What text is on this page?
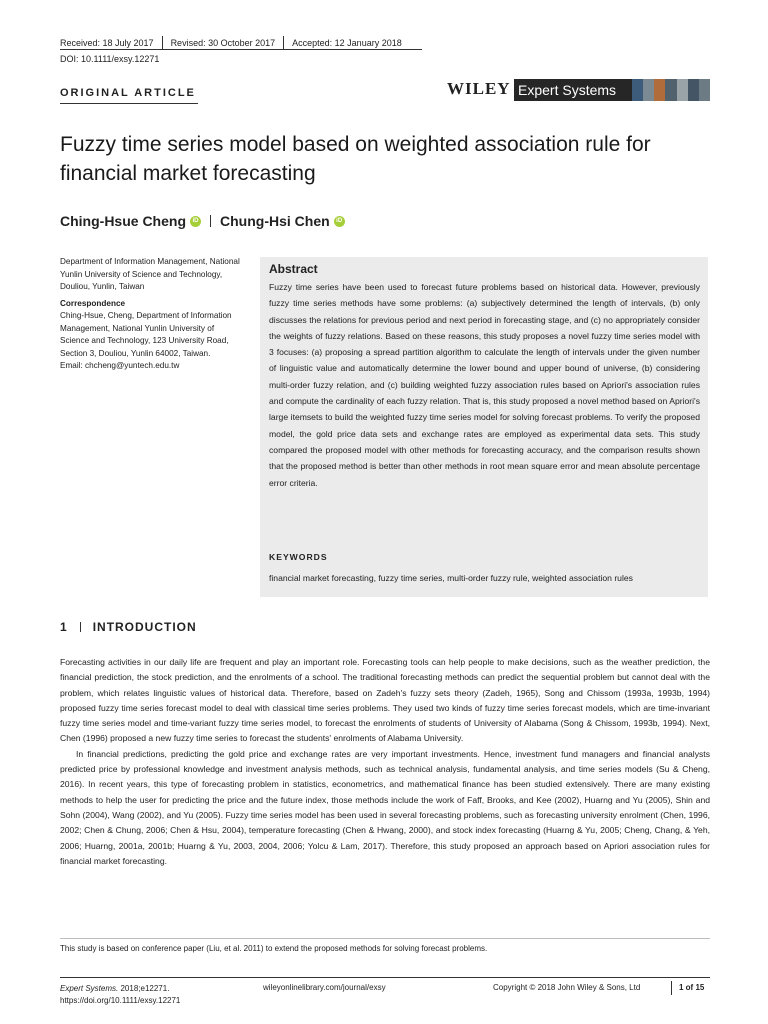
Received: 18 July 2017 Revised: 30 October 2017 Accepted: 12 January 2018
DOI: 10.1111/exsy.12271
ORIGINAL ARTICLE	WILEY Expert Systems
Fuzzy time series model based on weighted association rule for financial market forecasting
Ching-Hsue Cheng	iD Chung-Hsi Chen	iD
Department of Information Management, National Yunlin University of Science and Technology, Douliou, Yunlin, Taiwan
Correspondence
Ching-Hsue, Cheng, Department of Information Management, National Yunlin University of Science and Technology, 123 University Road, Section 3, Douliou, Yunlin 64002, Taiwan.
Email: chcheng@yuntech.edu.tw
Abstract
Fuzzy time series have been used to forecast future problems based on historical data. However, previously fuzzy time series methods have some problems: (a) subjectively determined the length of intervals, (b) only discusses the relations for previous period and next period in forecasting stage, and (c) no appropriately consider the weights of fuzzy relations. Based on these reasons, this study proposes a novel fuzzy time series model with 3 focuses: (a) proposing a spread partition algorithm to calculate the length of intervals under the given number of linguistic value and automatically determine the lower bound and upper bound of universe, (b) considering multi-order fuzzy relation, and (c) building weighted fuzzy association rules based on Apriori's association rules and compute the cardinality of each fuzzy relation. That is, this study proposed a novel method based on Apriori's large itemsets to build the weighted fuzzy time series model for solving forecast problems. To verify the proposed model, the gold price data sets and exchange rates are employed as experimental data sets. This study compared the proposed model with other methods for forecasting accuracy, and the comparison results shown that the proposed method is better than other methods in root mean square error and mean absolute percentage error criteria.
KEYWORDS
financial market forecasting, fuzzy time series, multi-order fuzzy rule, weighted association rules
1 INTRODUCTION

Forecasting activities in our daily life are frequent and play an important role. Forecasting tools can help people to make decisions, such as the weather prediction, the financial prediction, the stock prediction, and the enrolments of a school. The traditional forecasting methods can predict the sequential problem but cannot deal with the problem, which relates linguistic values of historical data. Therefore, based on Zadeh's fuzzy sets theory (Zadeh, 1965), Song and Chissom (1993a, 1993b, 1994) proposed fuzzy time series forecast model to deal with classical time series problems. They used two kinds of fuzzy time series forecast models, which are time-invariant fuzzy time series model and time-variant fuzzy time series model, to forecast the enrolments of students of University of Alabama (Song & Chissom, 1993b, 1994). Next, Chen (1996) proposed a new fuzzy time series to forecast the students' enrolments of Alabama University.

In financial predictions, predicting the gold price and exchange rates are very important investments. Hence, investment fund managers and financial analysts predicted price by professional knowledge and investment analysis methods, such as technical analysis, fundamental analysis, and time series models (Su & Cheng, 2016). In recent years, this type of forecasting problem in statistics, econometrics, and mathematical finance has been studied extensively. There are many existing methods to help the user for predicting the price and the future index, those methods include the work of Faff, Brooks, and Kee (2002), Huarng and Yu (2005), Shin and Sohn (2004), Wang (2002), and Yu (2005). Fuzzy time series model has been used in several forecasting problems, such as forecasting university enrolment (Chen, 1996, 2002; Chen & Chung, 2006; Chen & Hsu, 2004), temperature forecasting (Chen & Hwang, 2000), and stock index forecasting (Huarng & Yu, 2005; Cheng, Chang, & Yeh, 2006; Huarng, 2001a, 2001b; Huarng & Yu, 2003, 2004, 2006; Yolcu & Lam, 2017). Therefore, this study proposed an approach based on Apriori association rules for financial market forecasting.

This study is based on conference paper (Liu, et al. 2011) to extend the proposed methods for solving forecast problems.
Expert Systems. 2018;e12271.
https://doi.org/10.1111/exsy.12271
wileyonlinelibrary.com/journal/exsy	Copyright © 2018 John Wiley & Sons, Ltd	1 of 15
